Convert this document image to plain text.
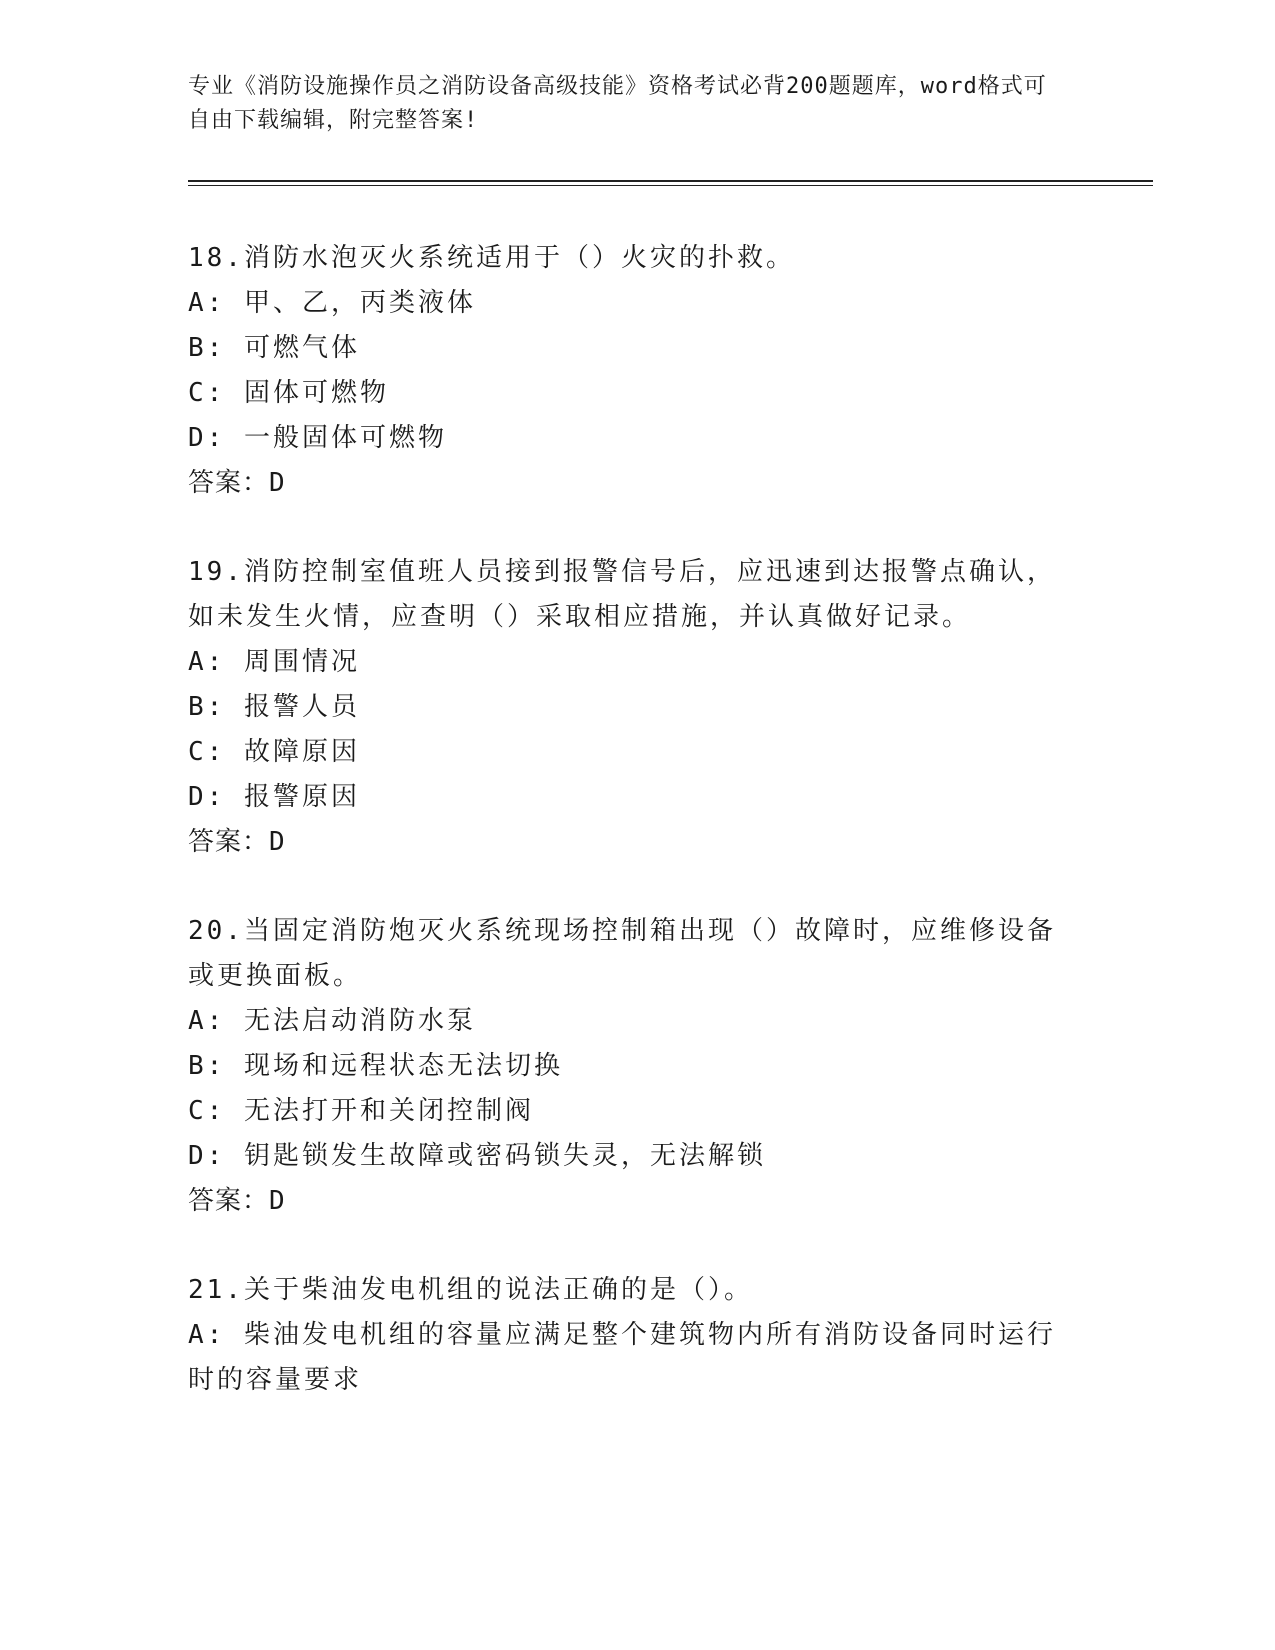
专业《消防设施操作员之消防设备高级技能》资格考试必背200题题库，word格式可自由下载编辑，附完整答案!

18.消防水泡灭火系统适用于（）火灾的扑救。

A: 甲、乙，丙类液体

B: 可燃气体

C: 固体可燃物

D: 一般固体可燃物

答案：D

19.消防控制室值班人员接到报警信号后，应迅速到达报警点确认，如未发生火情，应查明（）采取相应措施，并认真做好记录。

A: 周围情况

B: 报警人员

C: 故障原因

D: 报警原因

答案：D

20.当固定消防炮灭火系统现场控制箱出现（）故障时，应维修设备或更换面板。

A: 无法启动消防水泵

B: 现场和远程状态无法切换

C: 无法打开和关闭控制阀

D: 钥匙锁发生故障或密码锁失灵，无法解锁

答案：D

21.关于柴油发电机组的说法正确的是（）。

A: 柴油发电机组的容量应满足整个建筑物内所有消防设备同时运行时的容量要求
